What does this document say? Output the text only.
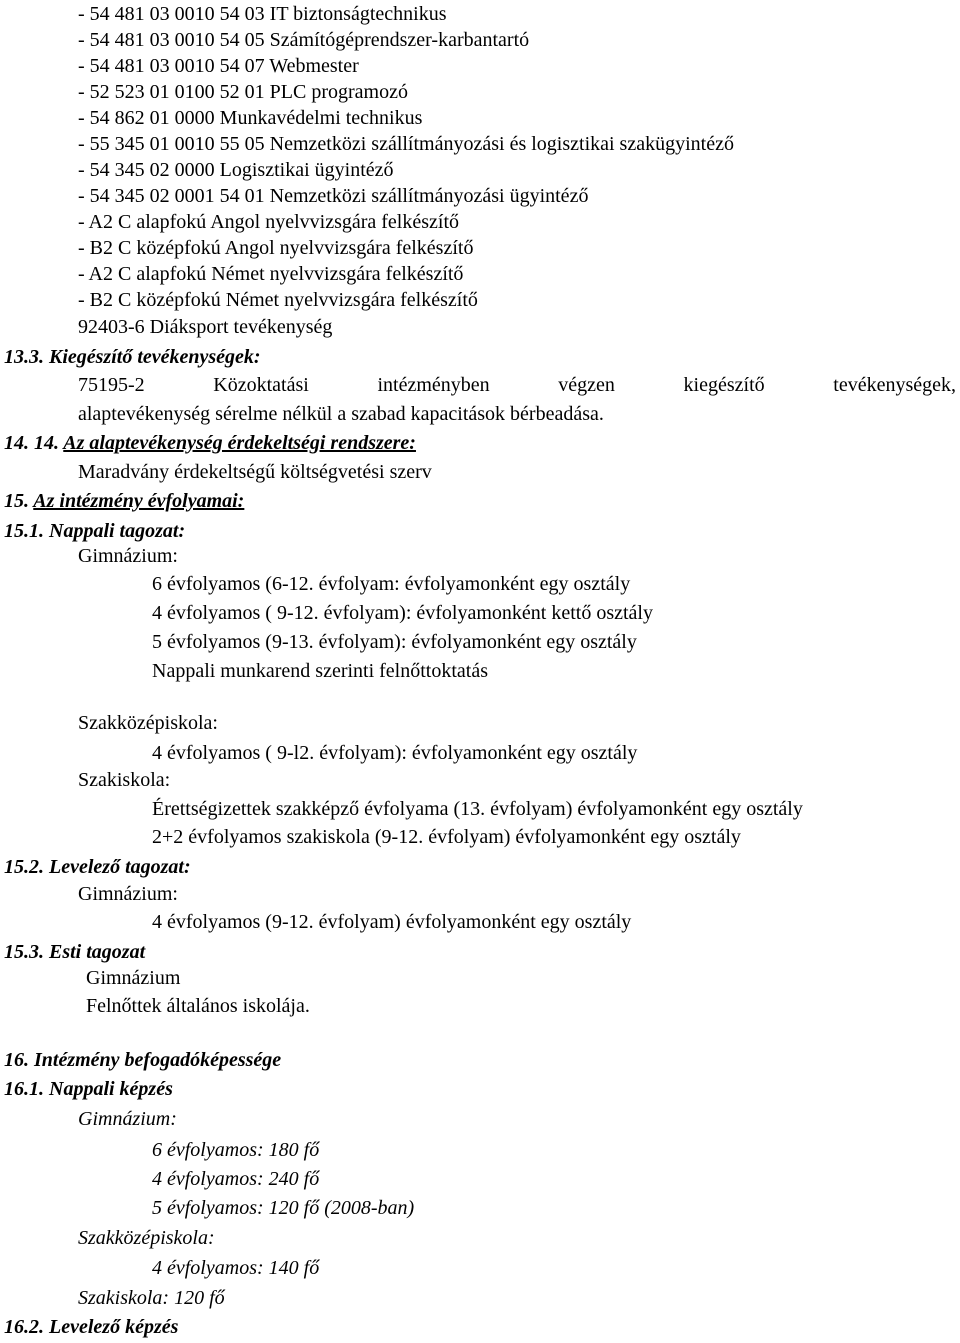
- 54 481 03 0010 54 03 IT biztonságtechnikus
- 54 481 03 0010 54 05 Számítógéprendszer-karbantartó
- 54 481 03 0010 54 07 Webmester
- 52 523 01 0100 52 01 PLC programozó
- 54 862 01 0000 Munkavédelmi technikus
- 55 345 01 0010 55 05 Nemzetközi szállítmányozási és logisztikai szakügyintéző
- 54 345 02 0000 Logisztikai ügyintéző
- 54 345 02 0001 54 01 Nemzetközi szállítmányozási ügyintéző
- A2 C alapfokú Angol nyelvvizsgára felkészítő
- B2 C középfokú Angol nyelvvizsgára felkészítő
- A2 C alapfokú Német nyelvvizsgára felkészítő
- B2 C középfokú Német nyelvvizsgára felkészítő
92403-6 Diáksport tevékenység
13.3. Kiegészítő tevékenységek:
75195-2 Közoktatási intézményben végzen kiegészítő tevékenységek,
alaptevékenység sérelme nélkül a szabad kapacitások bérbeadása.
14. 14. Az alaptevékenység érdekeltségi rendszere:
Maradvány érdekeltségű költségvetési szerv
15. Az intézmény évfolyamai:
15.1. Nappali tagozat:
Gimnázium:
6 évfolyamos (6-12. évfolyam: évfolyamonként egy osztály
4 évfolyamos ( 9-12. évfolyam): évfolyamonként kettő osztály
5 évfolyamos (9-13. évfolyam): évfolyamonként egy osztály
Nappali munkarend szerinti felnőttoktatás
Szakközépiskola:
4 évfolyamos ( 9-l2. évfolyam): évfolyamonként egy osztály
Szakiskola:
Érettségizettek szakképző évfolyama (13. évfolyam) évfolyamonként egy osztály
2+2 évfolyamos szakiskola (9-12. évfolyam) évfolyamonként egy osztály
15.2. Levelező tagozat:
Gimnázium:
4 évfolyamos (9-12. évfolyam) évfolyamonként egy osztály
15.3. Esti tagozat
Gimnázium
Felnőttek általános iskolája.
16. Intézmény befogadóképessége
16.1. Nappali képzés
Gimnázium:
6 évfolyamos: 180 fő
4 évfolyamos: 240 fő
5 évfolyamos: 120 fő (2008-ban)
Szakközépiskola:
4 évfolyamos: 140 fő
Szakiskola: 120 fő
16.2. Levelező képzés
